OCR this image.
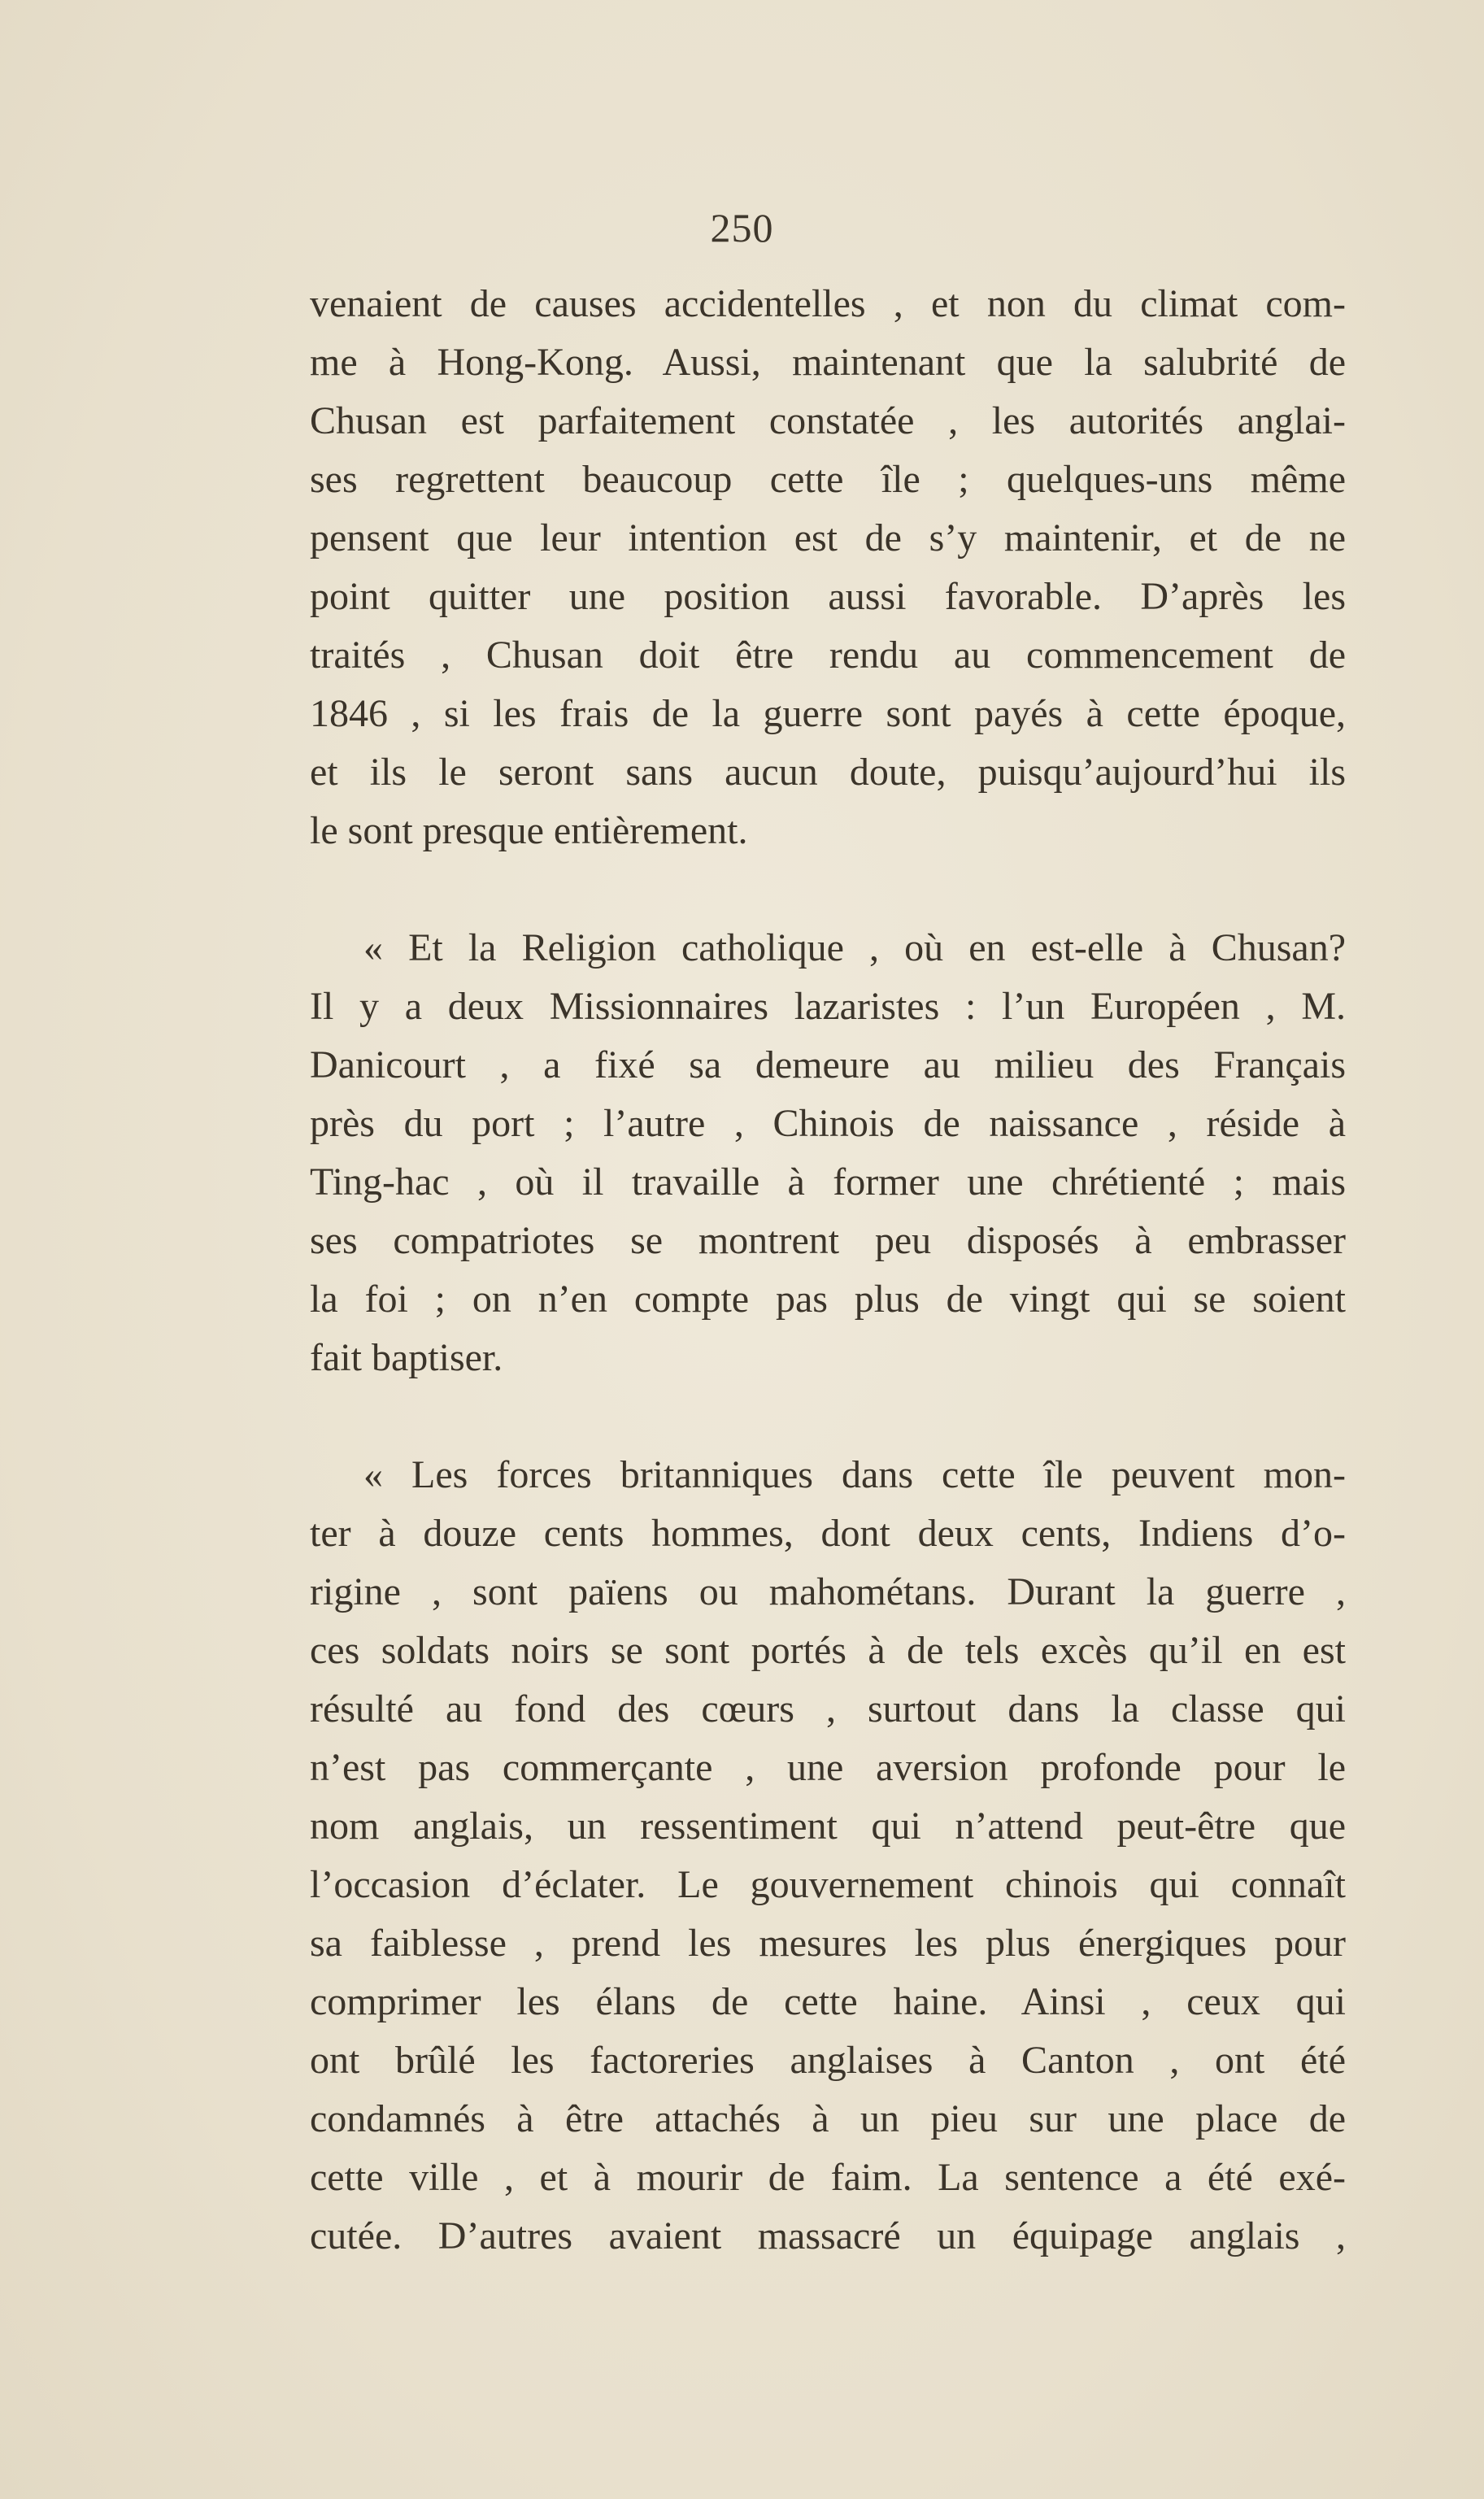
250
venaient de causes accidentelles , et non du climat com-
me à Hong-Kong. Aussi, maintenant que la salubrité de
Chusan est parfaitement constatée , les autorités anglai-
ses regrettent beaucoup cette île ; quelques-uns même
pensent que leur intention est de s’y maintenir, et de ne
point quitter une position aussi favorable. D’après les
traités , Chusan doit être rendu au commencement de
1846 , si les frais de la guerre sont payés à cette époque,
et ils le seront sans aucun doute, puisqu’aujourd’hui ils
le sont presque entièrement.
« Et la Religion catholique , où en est-elle à Chusan?
Il y a deux Missionnaires lazaristes : l’un Européen , M.
Danicourt , a fixé sa demeure au milieu des Français
près du port ; l’autre , Chinois de naissance , réside à
Ting-hac , où il travaille à former une chrétienté ; mais
ses compatriotes se montrent peu disposés à embrasser
la foi ; on n’en compte pas plus de vingt qui se soient
fait baptiser.
« Les forces britanniques dans cette île peuvent mon-
ter à douze cents hommes, dont deux cents, Indiens d’o-
rigine , sont païens ou mahométans. Durant la guerre ,
ces soldats noirs se sont portés à de tels excès qu’il en est
résulté au fond des cœurs , surtout dans la classe qui
n’est pas commerçante , une aversion profonde pour le
nom anglais, un ressentiment qui n’attend peut-être que
l’occasion d’éclater. Le gouvernement chinois qui connaît
sa faiblesse , prend les mesures les plus énergiques pour
comprimer les élans de cette haine. Ainsi , ceux qui
ont brûlé les factoreries anglaises à Canton , ont été
condamnés à être attachés à un pieu sur une place de
cette ville , et à mourir de faim. La sentence a été exé-
cutée. D’autres avaient massacré un équipage anglais ,
